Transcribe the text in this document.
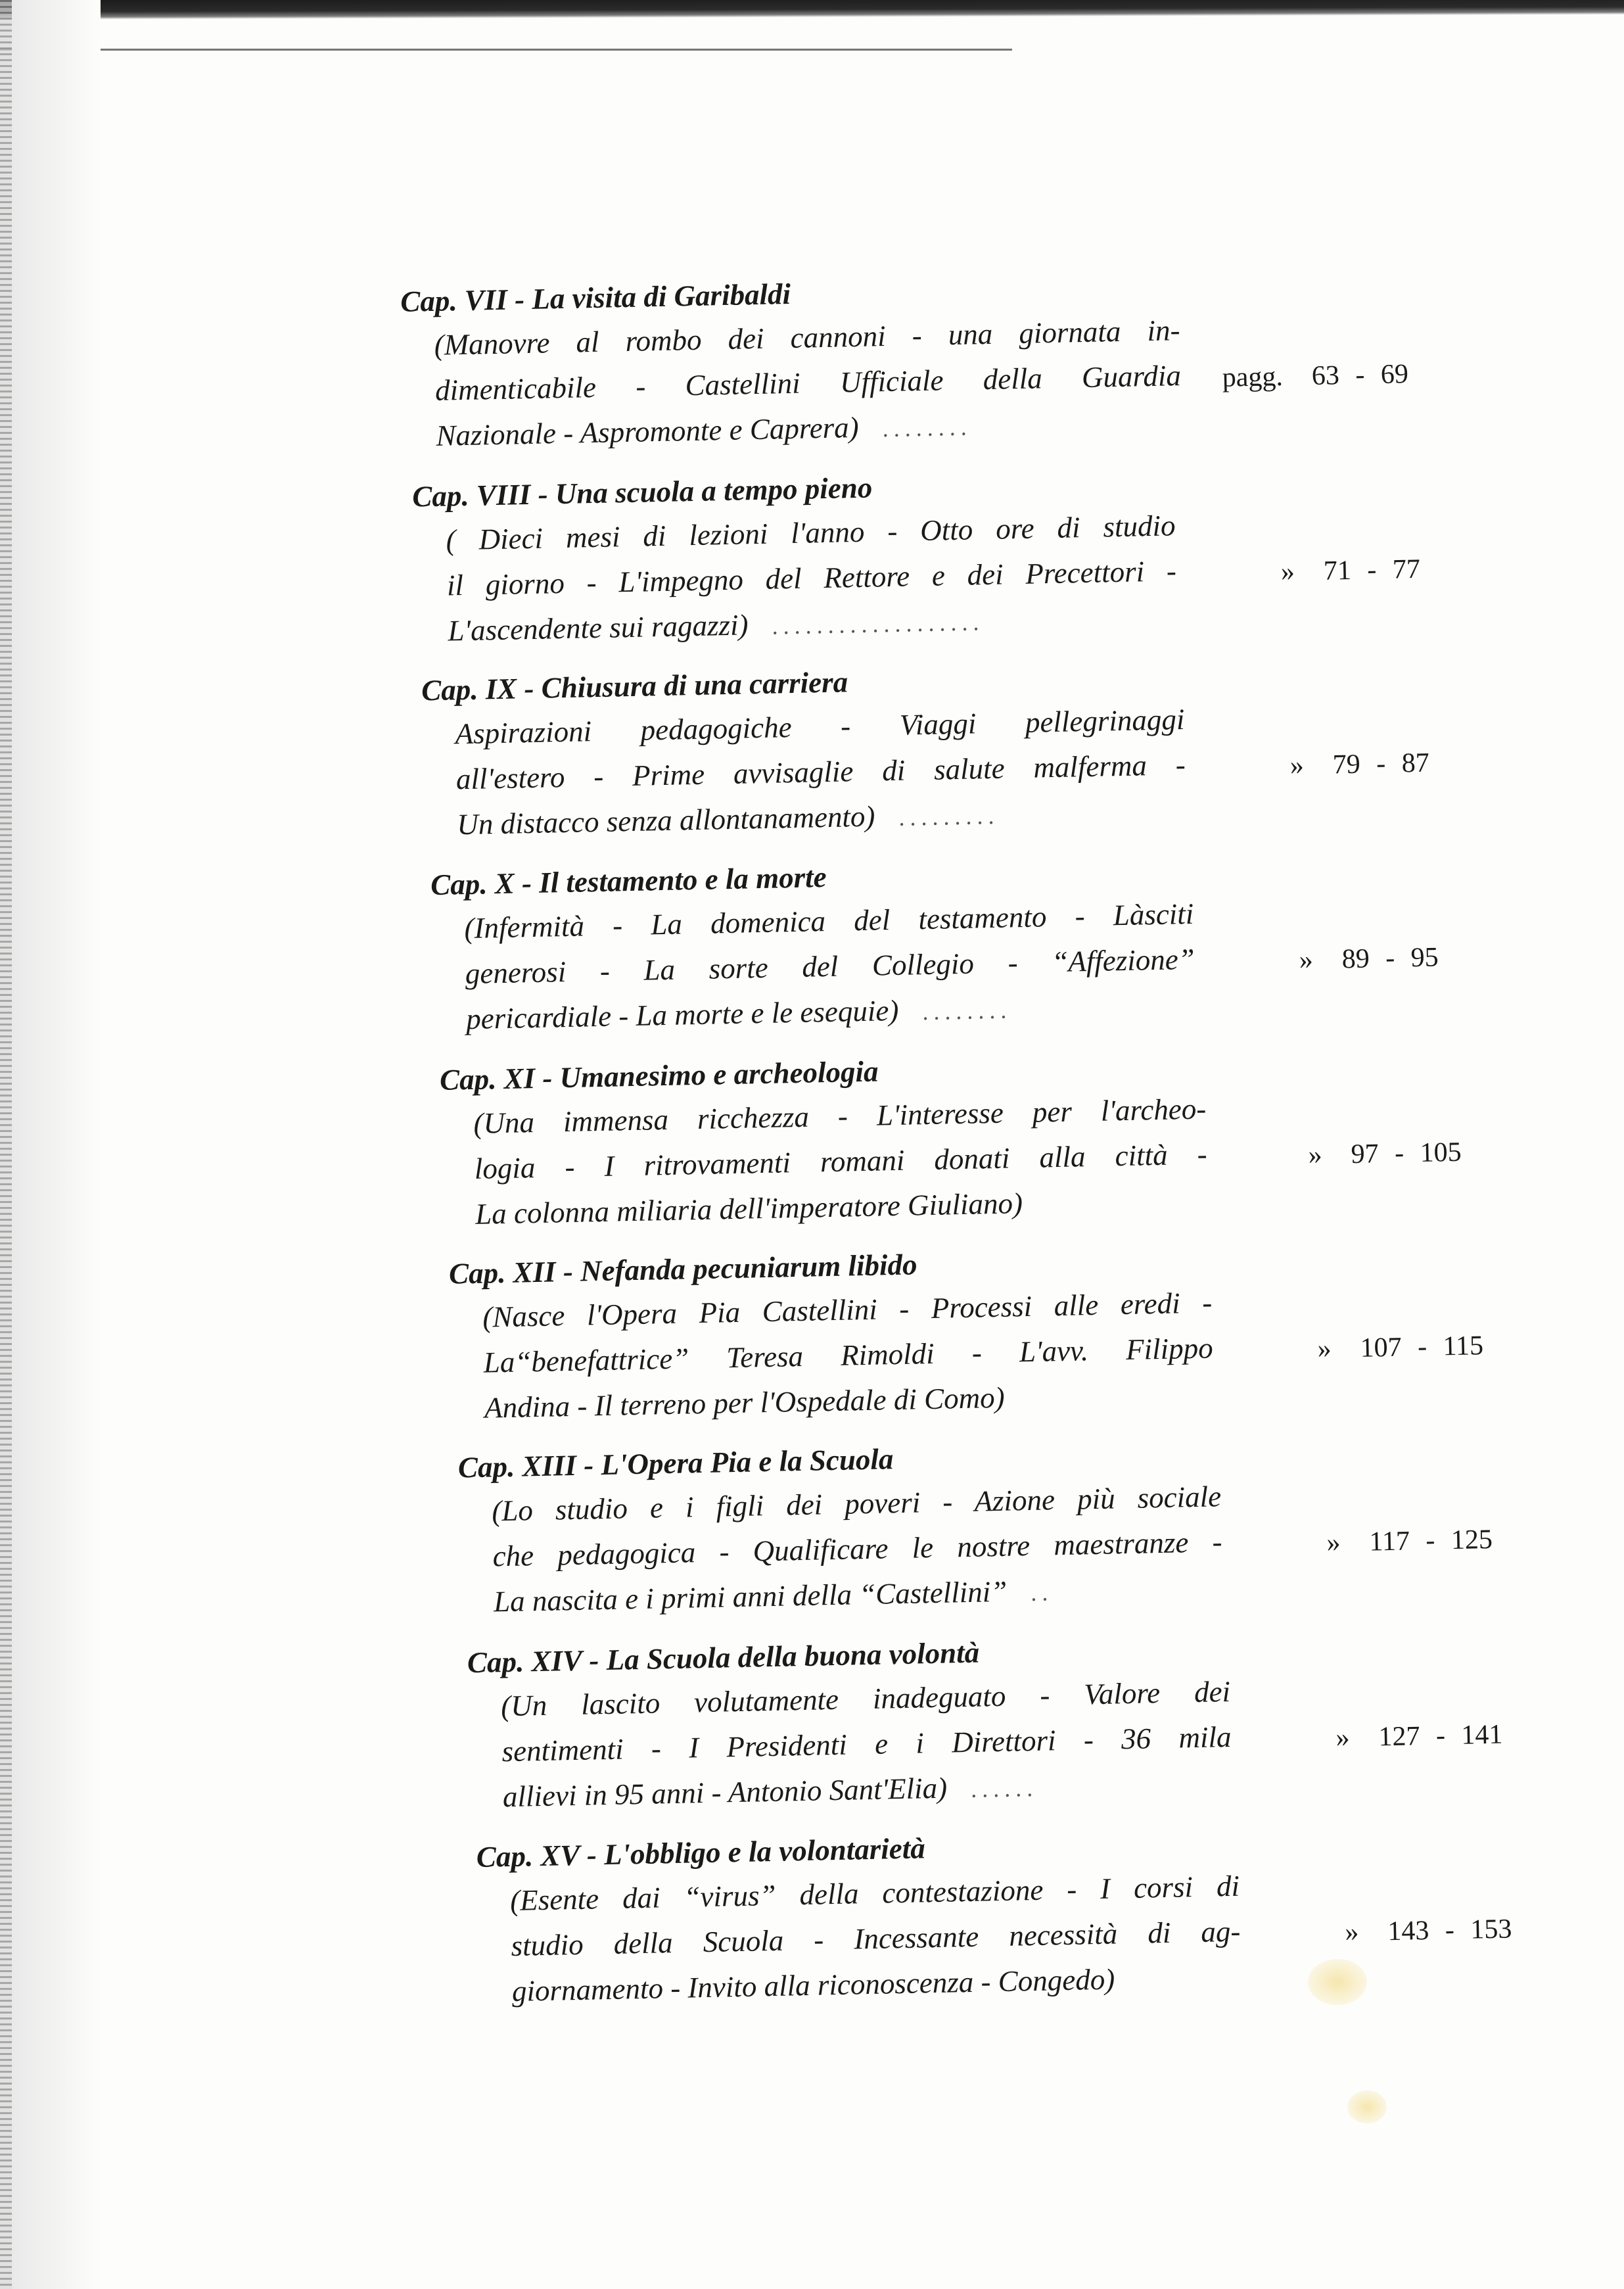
Cap. VII - La visita di Garibaldi
(Manovre al rombo dei cannoni - una giornata in-
dimenticabile - Castellini Ufficiale della Guardia
Nazionale - Aspromonte e Caprera) ........
pagg. 63 - 69
Cap. VIII - Una scuola a tempo pieno
( Dieci mesi di lezioni l'anno - Otto ore di studio
il giorno - L'impegno del Rettore e dei Precettori -
L'ascendente sui ragazzi) ...................
» 71 - 77
Cap. IX - Chiusura di una carriera
Aspirazioni pedagogiche - Viaggi pellegrinaggi
all'estero - Prime avvisaglie di salute malferma -
Un distacco senza allontanamento) .........
» 79 - 87
Cap. X - Il testamento e la morte
(Infermità - La domenica del testamento - Làsciti
generosi - La sorte del Collegio - “Affezione”
pericardiale - La morte e le esequie) ........
» 89 - 95
Cap. XI - Umanesimo e archeologia
(Una immensa ricchezza - L'interesse per l'archeo-
logia - I ritrovamenti romani donati alla città -
La colonna miliaria dell'imperatore Giuliano)
» 97 - 105
Cap. XII - Nefanda pecuniarum libido
(Nasce l'Opera Pia Castellini - Processi alle eredi -
La“benefattrice” Teresa Rimoldi - L'avv. Filippo
Andina - Il terreno per l'Ospedale di Como)
» 107 - 115
Cap. XIII - L'Opera Pia e la Scuola
(Lo studio e i figli dei poveri - Azione più sociale
che pedagogica - Qualificare le nostre maestranze -
La nascita e i primi anni della “Castellini” ..
» 117 - 125
Cap. XIV - La Scuola della buona volontà
(Un lascito volutamente inadeguato - Valore dei
sentimenti - I Presidenti e i Direttori - 36 mila
allievi in 95 anni - Antonio Sant'Elia) ......
» 127 - 141
Cap. XV - L'obbligo e la volontarietà
(Esente dai “virus” della contestazione - I corsi di
studio della Scuola - Incessante necessità di ag-
giornamento - Invito alla riconoscenza - Congedo)
» 143 - 153
